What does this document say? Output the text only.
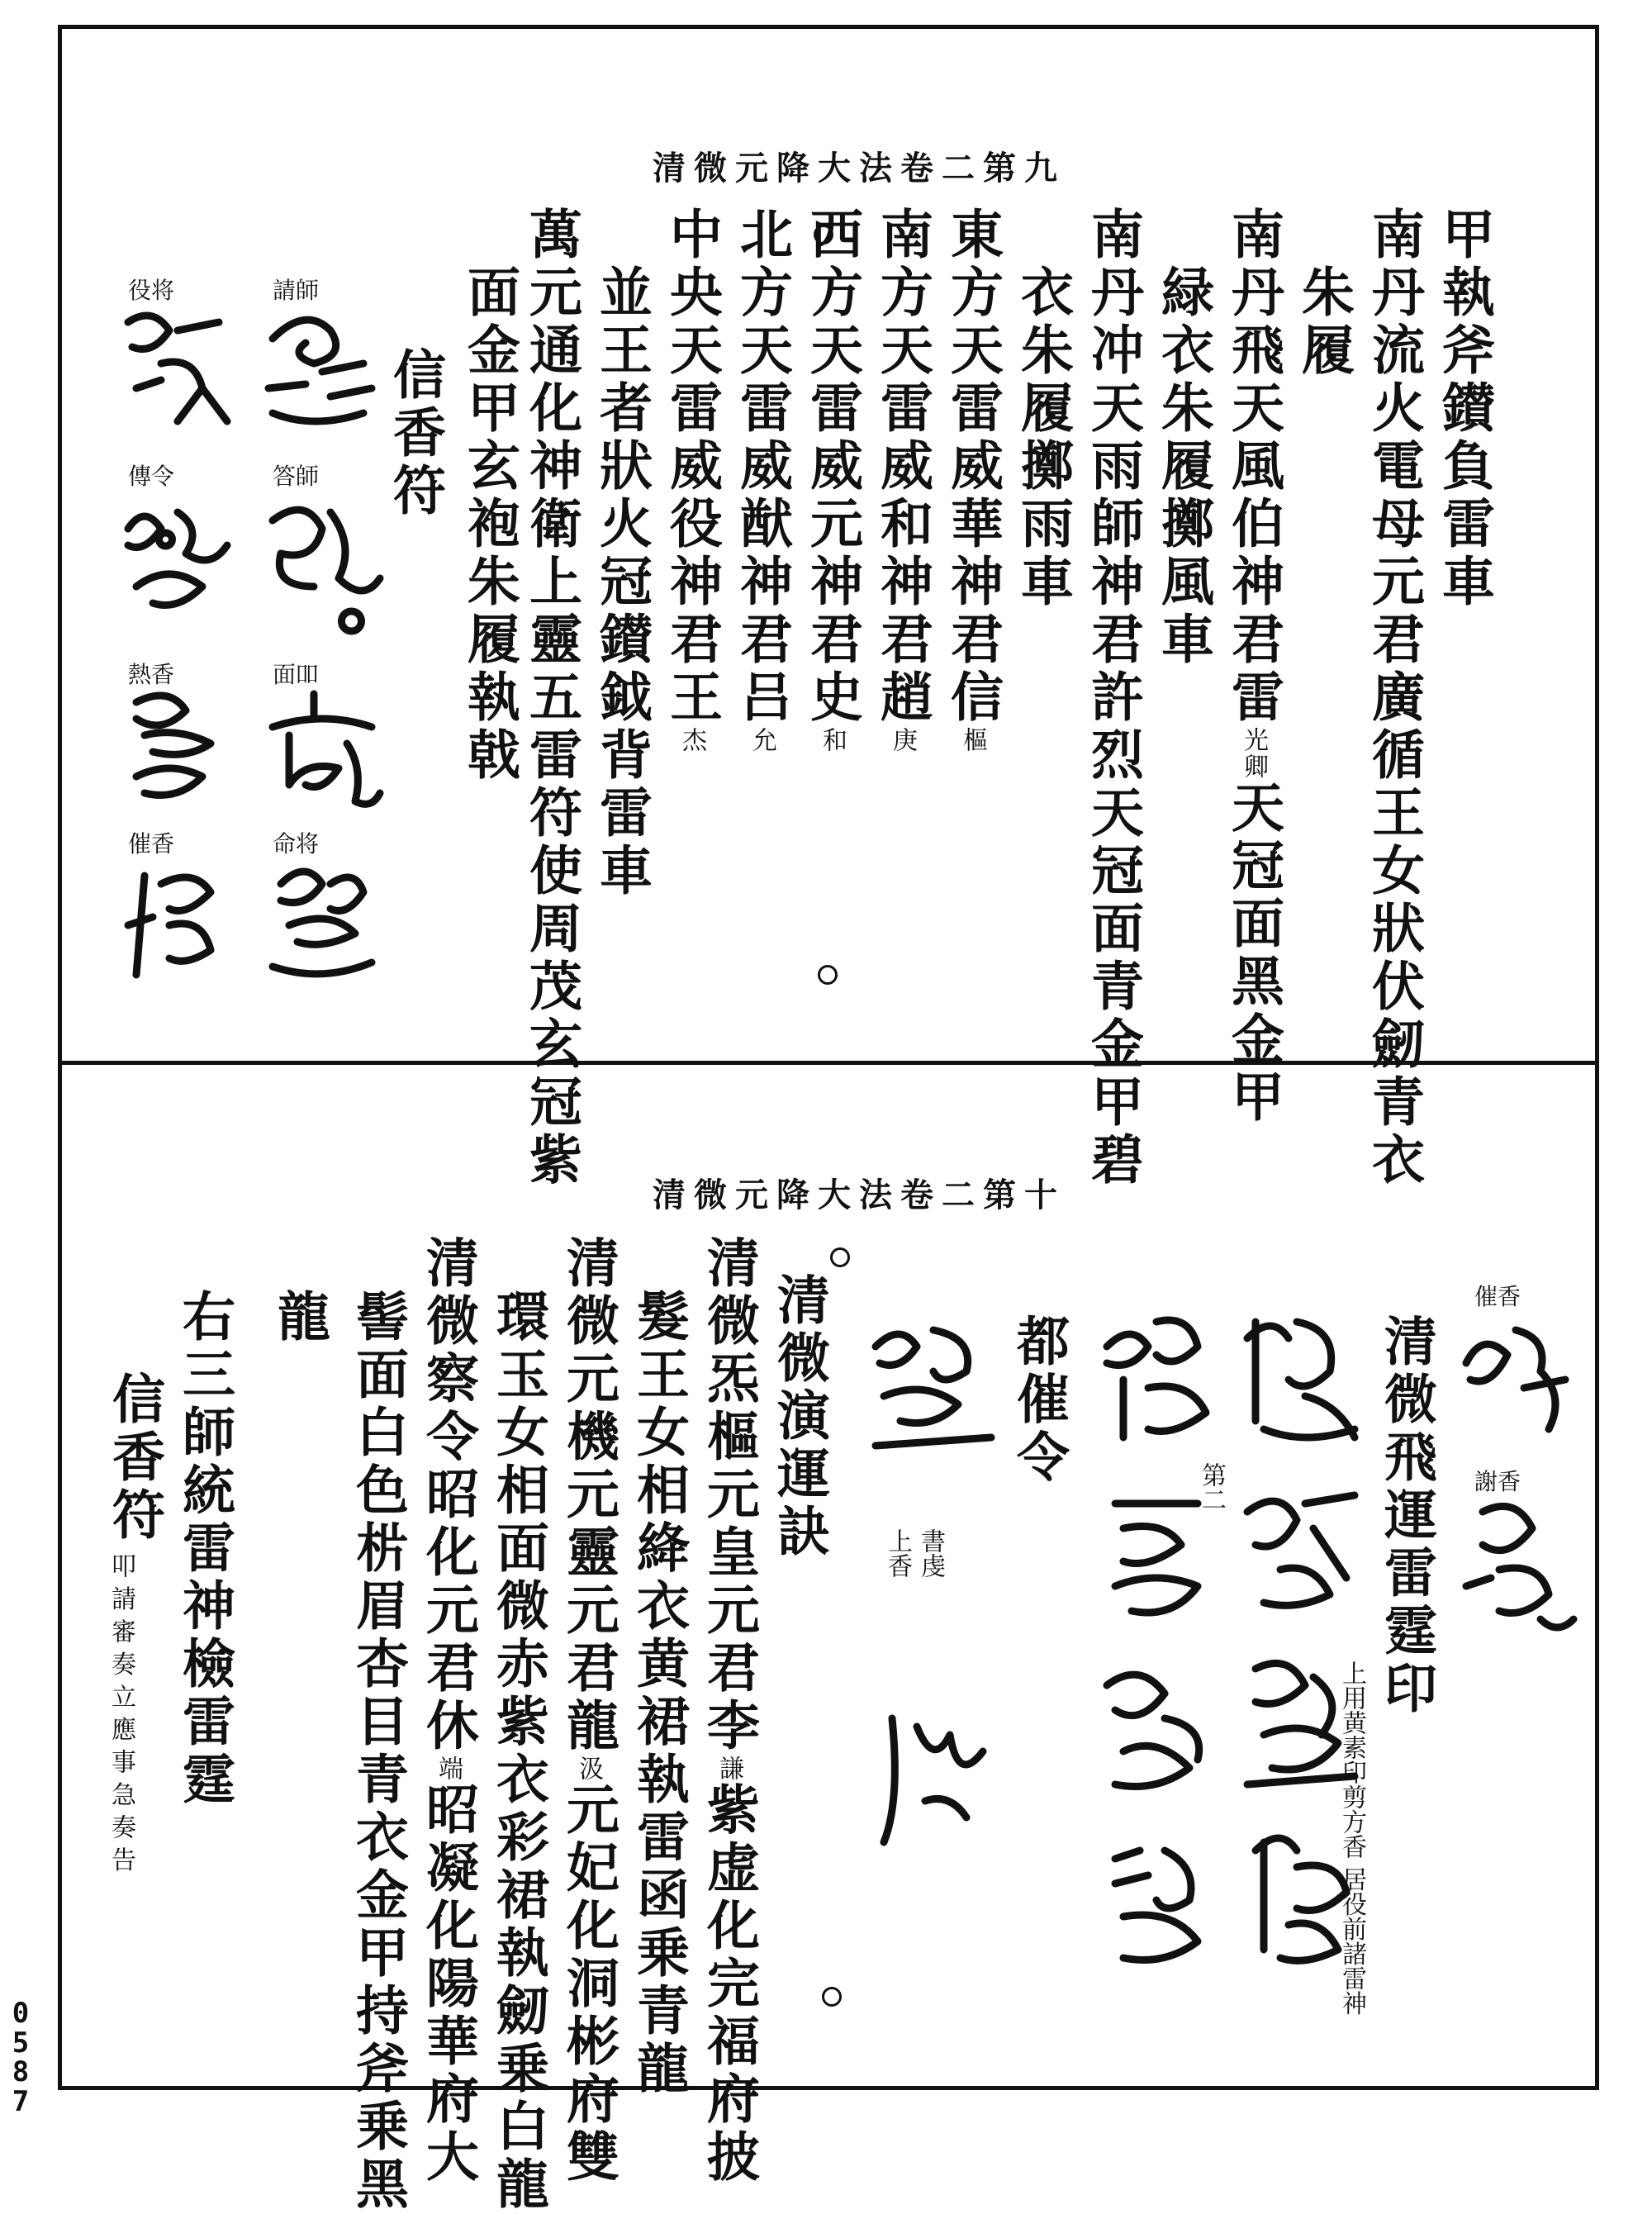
清微元降大法卷二第九
甲執斧鑚負雷車
南丹流火電母元君廣循王女狀伏劒青衣
朱履
南丹飛天風伯神君雷光卿天冠面黑金甲
緑衣朱履擲風車
南丹冲天雨師神君許烈天冠面青金甲碧
衣朱履擲雨車
東方天雷威華神君信樞
南方天雷威和神君趙庚
西方天雷威元神君史和
北方天雷威猷神君吕允
中央天雷威役神君王杰
並王者狀火冠鑚鉞背雷車
萬元通化神衛上靈五雷符使周茂玄冠紫
面金甲玄袍朱履執戟
信香符
請師
答師
面吅
命将
役将
傳令
熱香
催香
清微元降大法卷二第十
清微飛運雷霆印
上用黄素印剪方香 居役前諸雷神
都催令
清微演運訣
清微炁樞元皇元君李謙紫虚化完福府披
髮王女相絳衣黄裙執雷函乗青龍
清微元機元靈元君龍汲元妃化洞彬府雙
環玉女相面微赤紫衣彩裙執劒乗白龍
清微察令昭化元君休端昭凝化陽華府大
髻面白色㭊眉杏目青衣金甲持斧乗黑
龍
右三師統雷神檢雷霆
信香符
叩 請 審 奏 立 應 事 急 奏 告
催香
謝香
第二
書虔
上香
0
5
8
7
